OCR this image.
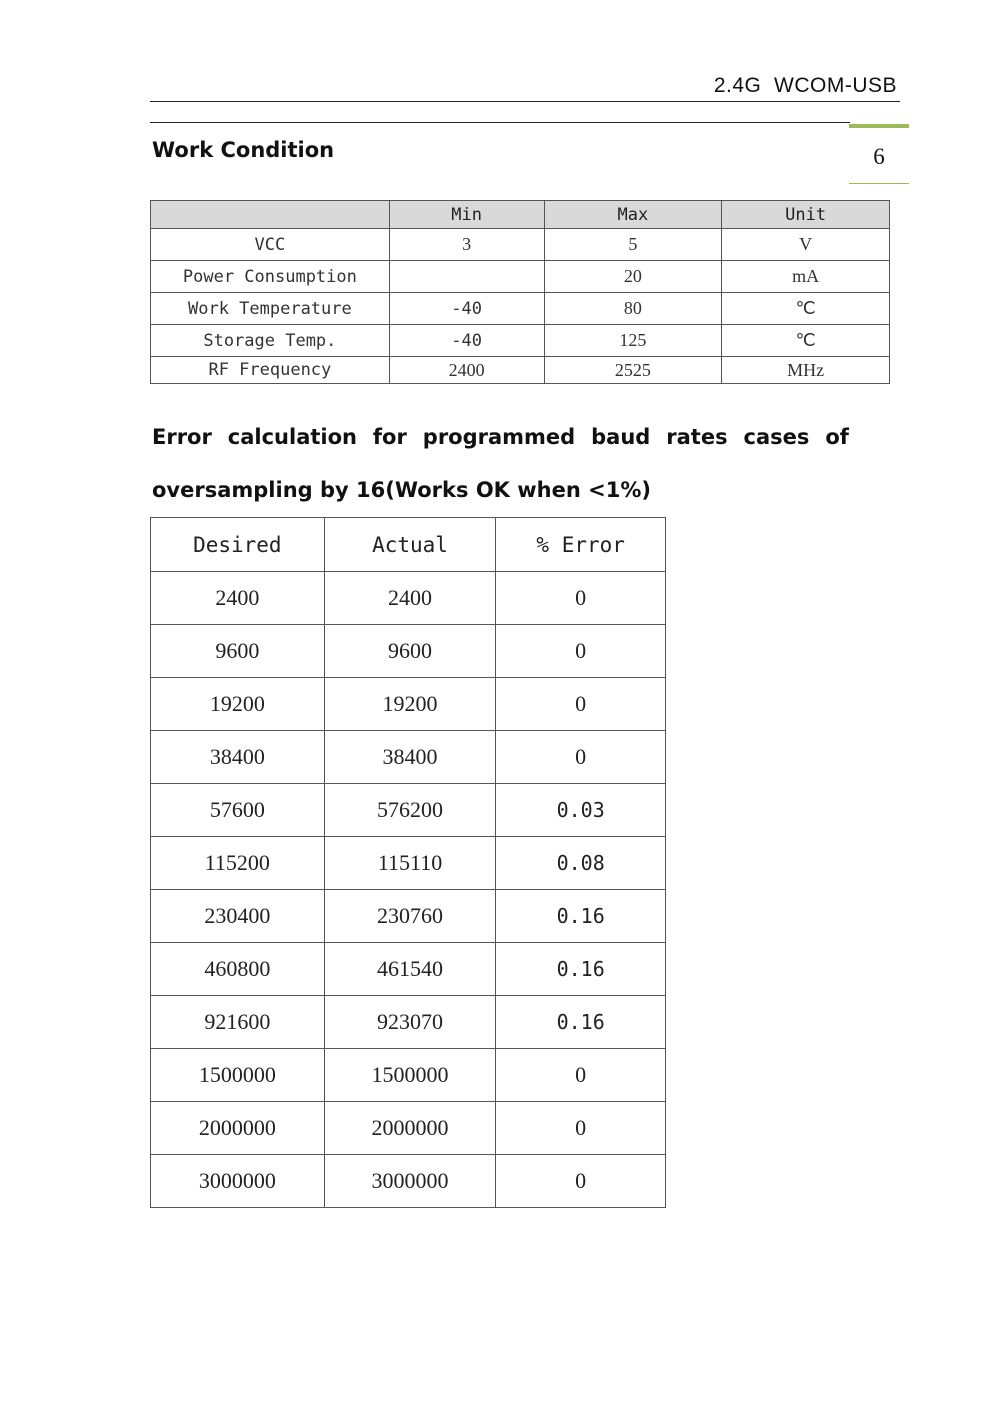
2.4G  WCOM-USB
6
Work Condition
	Min	Max	Unit
VCC	3	5	V
Power Consumption		20	mA
Work Temperature	-40	80	℃
Storage Temp.	-40	125	℃
RF Frequency	2400	2525	MHz
Error calculation for programmed baud rates cases of
oversampling by 16(Works OK when <1%)
Desired	Actual	% Error
2400	2400	0
9600	9600	0
19200	19200	0
38400	38400	0
57600	576200	0.03
115200	115110	0.08
230400	230760	0.16
460800	461540	0.16
921600	923070	0.16
1500000	1500000	0
2000000	2000000	0
3000000	3000000	0
